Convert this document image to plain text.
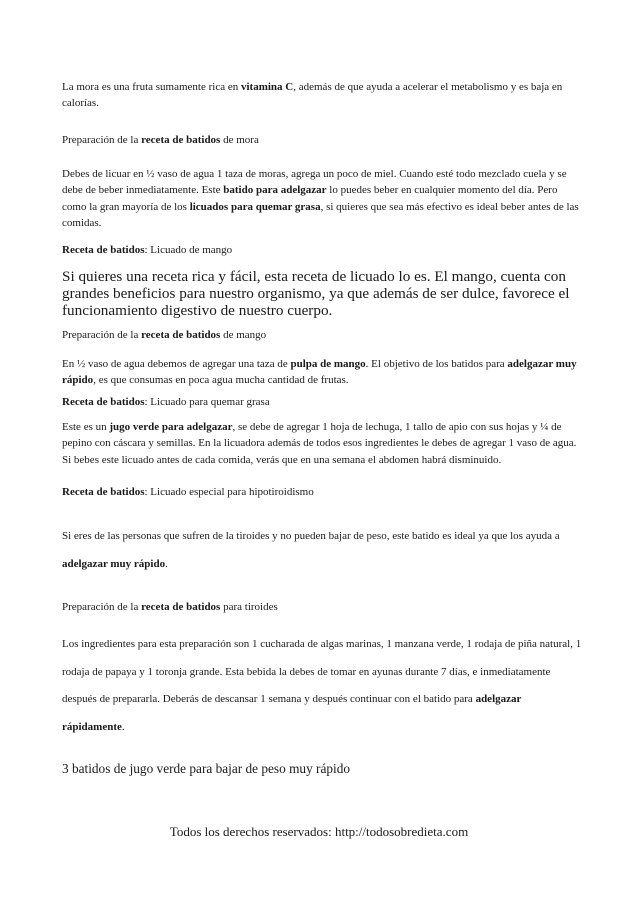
La mora es una fruta sumamente rica en vitamina C, además de que ayuda a acelerar el metabolismo y es baja en calorías.
Preparación de la receta de batidos de mora
Debes de licuar en ½ vaso de agua 1 taza de moras, agrega un poco de miel. Cuando esté todo mezclado cuela y se debe de beber inmediatamente. Este batido para adelgazar lo puedes beber en cualquier momento del día. Pero como la gran mayoría de los licuados para quemar grasa, si quieres que sea más efectivo es ideal beber antes de las comidas.
Receta de batidos: Licuado de mango
Si quieres una receta rica y fácil, esta receta de licuado lo es. El mango, cuenta con grandes beneficios para nuestro organismo, ya que además de ser dulce, favorece el funcionamiento digestivo de nuestro cuerpo.
Preparación de la receta de batidos de mango
En ½ vaso de agua debemos de agregar una taza de pulpa de mango. El objetivo de los batidos para adelgazar muy rápido, es que consumas en poca agua mucha cantidad de frutas.
Receta de batidos: Licuado para quemar grasa
Este es un jugo verde para adelgazar, se debe de agregar 1 hoja de lechuga, 1 tallo de apio con sus hojas y ¼ de pepino con cáscara y semillas. En la licuadora además de todos esos ingredientes le debes de agregar 1 vaso de agua. Si bebes este licuado antes de cada comida, verás que en una semana el abdomen habrá disminuido.
Receta de batidos: Licuado especial para hipotiroidismo
Si eres de las personas que sufren de la tiroides y no pueden bajar de peso, este batido es ideal ya que los ayuda a adelgazar muy rápido.
Preparación de la receta de batidos para tiroides
Los ingredientes para esta preparación son 1 cucharada de algas marinas, 1 manzana verde, 1 rodaja de piña natural, 1 rodaja de papaya y 1 toronja grande. Esta bebida la debes de tomar en ayunas durante 7 días, e inmediatamente después de prepararla. Deberás de descansar 1 semana y después continuar con el batido para adelgazar rápidamente.
3 batidos de jugo verde para bajar de peso muy rápido
Todos los derechos reservados: http://todosobredieta.com
